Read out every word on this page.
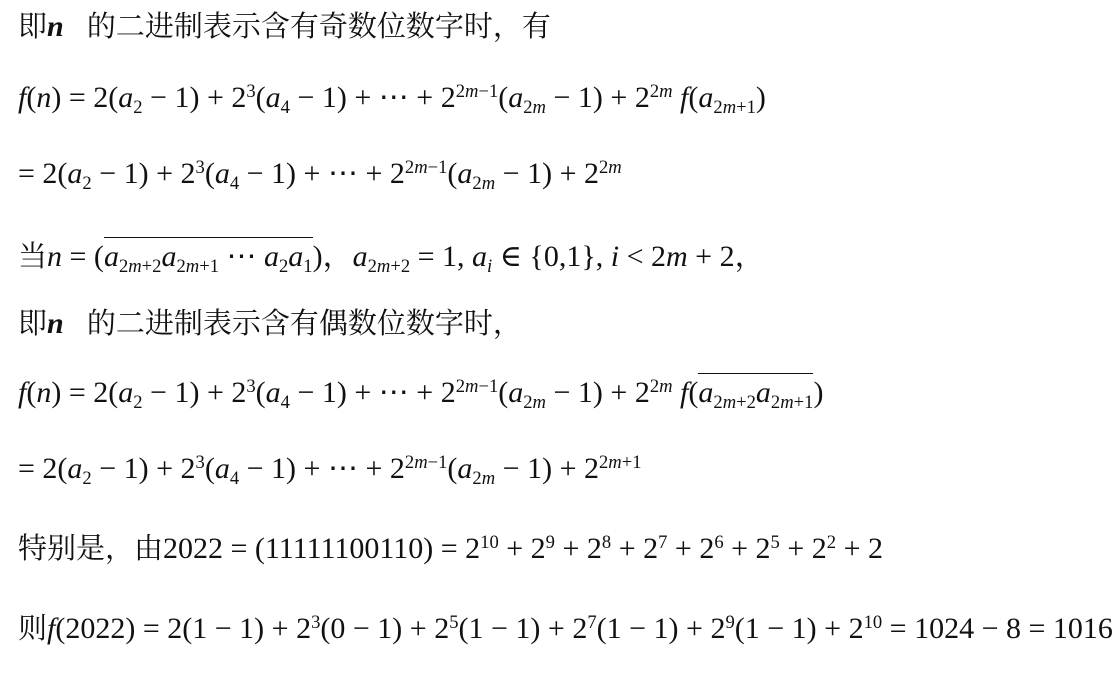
即n 的二进制表示含有奇数位数字时，有
$f(n) = 2(a_2 - 1) + 2^3(a_4 - 1)$ + ⋯ + $2^{2m-1}(a_{2m} - 1) + 2^{2m}$ $f(a_{2m+1})$
= $2(a_2 - 1) + 2^3(a_4 - 1)$ + ⋯ + $2^{2m-1}(a_{2m} - 1) + 2^{2m}$
当$n = (a_{2m+2}a_{2m+1}$ ⋯ $a_2a_1$)，$a_{2m+2} = 1$, $a_i$ ∈ {0,1}, i < 2m + 2，
即n 的二进制表示含有偶数位数字时，
$f(n) = 2(a_2 - 1) + 2^3(a_4 - 1)$ + ⋯ + $2^{2m-1}(a_{2m} - 1) + 2^{2m}$ $f(a_{2m+2}a_{2m+1})$
= $2(a_2 - 1) + 2^3(a_4 - 1)$ + ⋯ + $2^{2m-1}(a_{2m} - 1) + 2^{2m+1}$
特别是，由$2022 = (11111100110) = 2^{10} + 2^9 + 2^8 + 2^7 + 2^6 + 2^5 + 2^2 + 2$
则$f(2022) = 2(1 - 1) + 2^3(0 - 1) + 2^5(1 - 1) + 2^7(1 - 1) + 2^9(1 - 1) + 2^{10} = 1024 - 8 = 1016$
